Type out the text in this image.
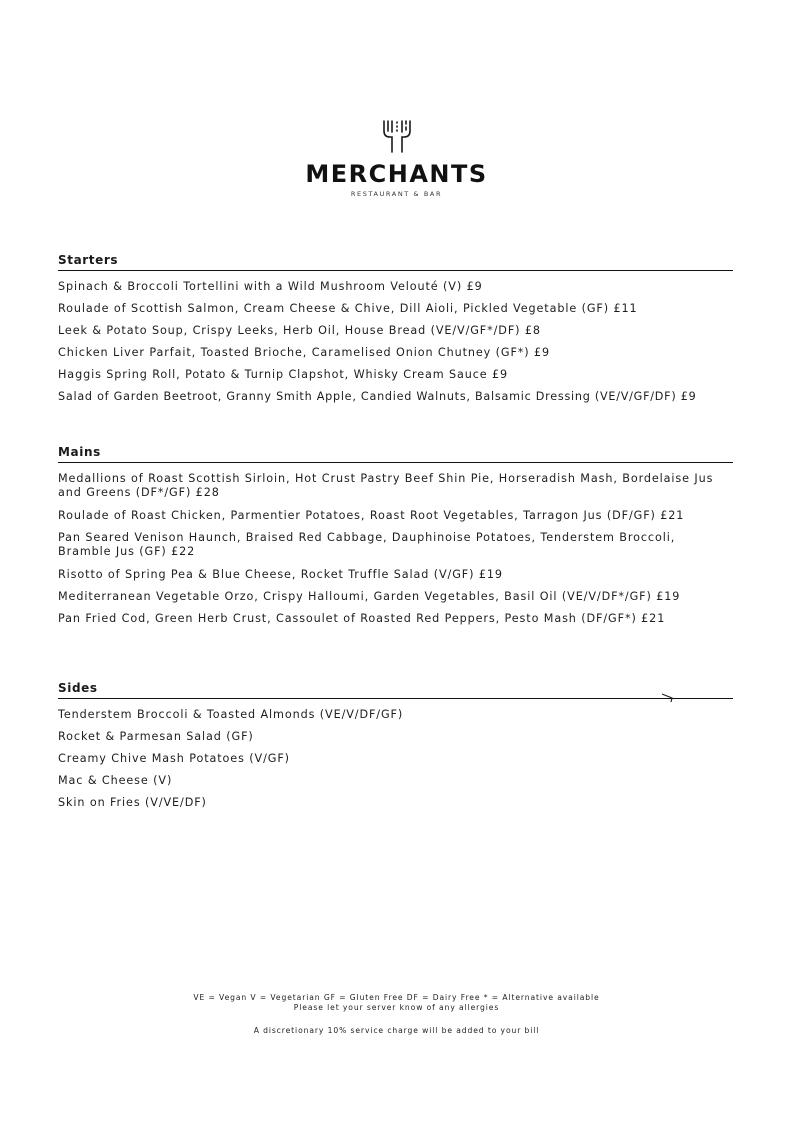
MERCHANTS
RESTAURANT & BAR
Starters
Spinach & Broccoli Tortellini with a Wild Mushroom Velouté (V) £9
Roulade of Scottish Salmon, Cream Cheese & Chive, Dill Aioli, Pickled Vegetable (GF) £11
Leek & Potato Soup, Crispy Leeks, Herb Oil, House Bread (VE/V/GF*/DF) £8
Chicken Liver Parfait, Toasted Brioche, Caramelised Onion Chutney (GF*) £9
Haggis Spring Roll, Potato & Turnip Clapshot, Whisky Cream Sauce £9
Salad of Garden Beetroot, Granny Smith Apple, Candied Walnuts, Balsamic Dressing (VE/V/GF/DF) £9
Mains
Medallions of Roast Scottish Sirloin, Hot Crust Pastry Beef Shin Pie, Horseradish Mash, Bordelaise Jus and Greens (DF*/GF) £28
Roulade of Roast Chicken, Parmentier Potatoes, Roast Root Vegetables, Tarragon Jus (DF/GF) £21
Pan Seared Venison Haunch, Braised Red Cabbage, Dauphinoise Potatoes, Tenderstem Broccoli, Bramble Jus (GF) £22
Risotto of Spring Pea & Blue Cheese, Rocket Truffle Salad (V/GF) £19
Mediterranean Vegetable Orzo, Crispy Halloumi, Garden Vegetables, Basil Oil (VE/V/DF*/GF) £19
Pan Fried Cod, Green Herb Crust, Cassoulet of Roasted Red Peppers, Pesto Mash (DF/GF*) £21
Sides
Tenderstem Broccoli & Toasted Almonds (VE/V/DF/GF)
Rocket & Parmesan Salad (GF)
Creamy Chive Mash Potatoes (V/GF)
Mac & Cheese (V)
Skin on Fries (V/VE/DF)
VE = Vegan V = Vegetarian GF = Gluten Free DF = Dairy Free * = Alternative available
Please let your server know of any allergies
A discretionary 10% service charge will be added to your bill
